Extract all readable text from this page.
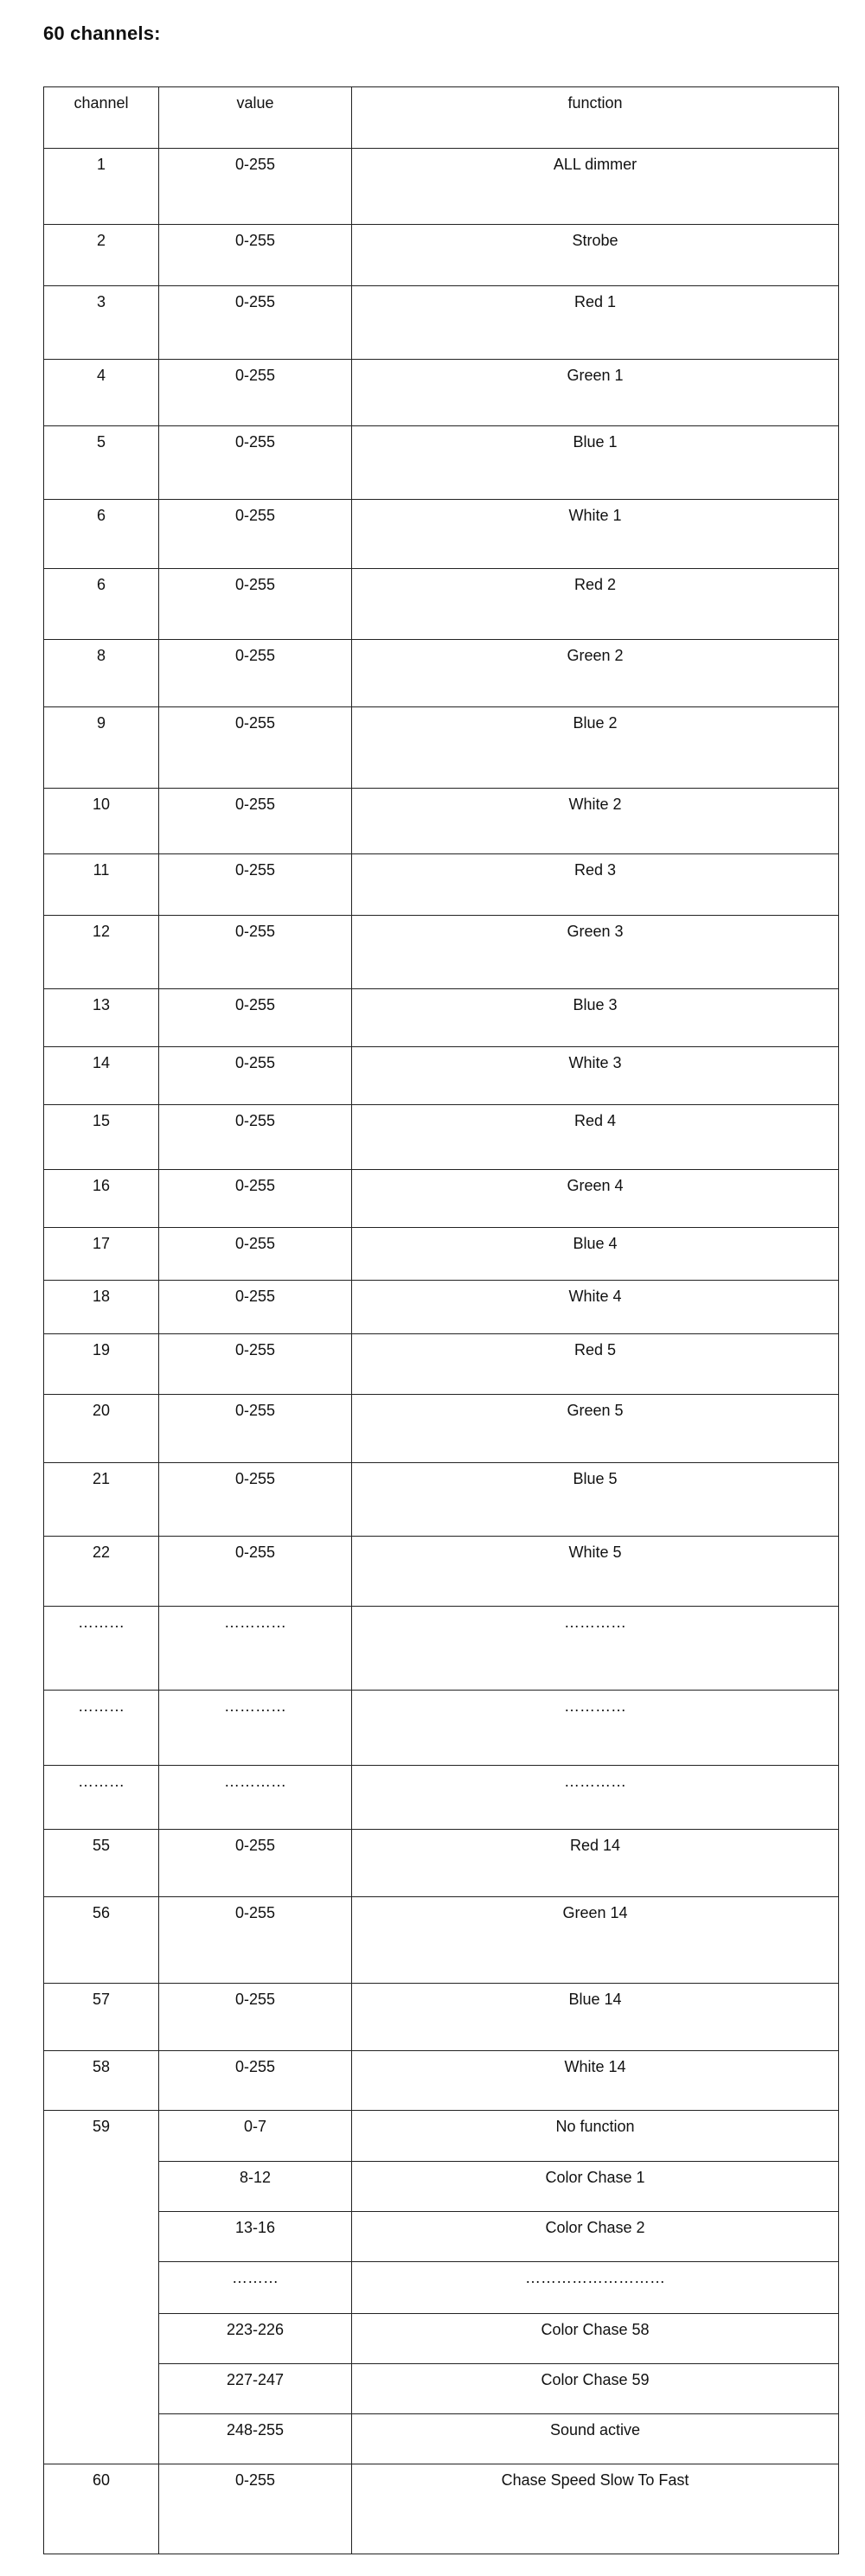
60 channels:
channel	value	function
1	0-255	ALL dimmer
2	0-255	Strobe
3	0-255	Red 1
4	0-255	Green 1
5	0-255	Blue 1
6	0-255	White 1
6	0-255	Red 2
8	0-255	Green 2
9	0-255	Blue 2
10	0-255	White 2
11	0-255	Red 3
12	0-255	Green 3
13	0-255	Blue 3
14	0-255	White 3
15	0-255	Red 4
16	0-255	Green 4
17	0-255	Blue 4
18	0-255	White 4
19	0-255	Red 5
20	0-255	Green 5
21	0-255	Blue 5
22	0-255	White 5
………	…………	…………
………	…………	…………
………	…………	…………
55	0-255	Red 14
56	0-255	Green 14
57	0-255	Blue 14
58	0-255	White 14
59	0-7	No function
	8-12	Color Chase 1
	13-16	Color Chase 2
	………	………………………
	223-226	Color Chase 58
	227-247	Color Chase 59
	248-255	Sound active
60	0-255	Chase Speed Slow To Fast
